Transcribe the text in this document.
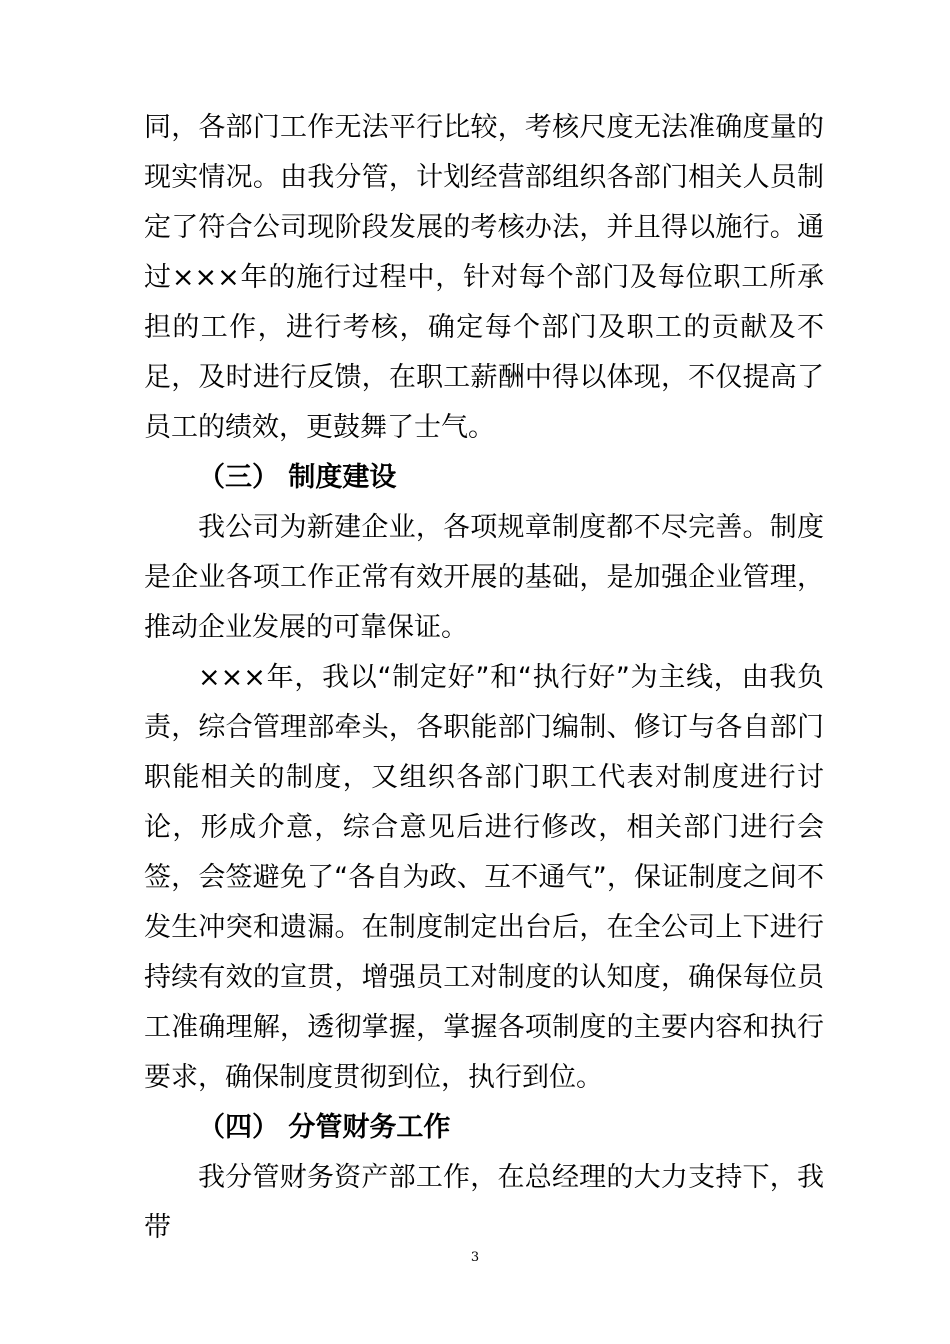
同，各部门工作无法平行比较，考核尺度无法准确度量的现实情况。由我分管，计划经营部组织各部门相关人员制定了符合公司现阶段发展的考核办法，并且得以施行。通过×××年的施行过程中，针对每个部门及每位职工所承担的工作，进行考核，确定每个部门及职工的贡献及不足，及时进行反馈，在职工薪酬中得以体现，不仅提高了员工的绩效，更鼓舞了士气。

（三） 制度建设

我公司为新建企业，各项规章制度都不尽完善。制度是企业各项工作正常有效开展的基础，是加强企业管理，推动企业发展的可靠保证。

×××年，我以“制定好”和“执行好”为主线，由我负责，综合管理部牵头，各职能部门编制、修订与各自部门职能相关的制度，又组织各部门职工代表对制度进行讨论，形成介意，综合意见后进行修改，相关部门进行会签，会签避免了“各自为政、互不通气”，保证制度之间不发生冲突和遗漏。在制度制定出台后，在全公司上下进行持续有效的宣贯，增强员工对制度的认知度，确保每位员工准确理解，透彻掌握，掌握各项制度的主要内容和执行要求，确保制度贯彻到位，执行到位。

（四） 分管财务工作

我分管财务资产部工作，在总经理的大力支持下，我带

3
